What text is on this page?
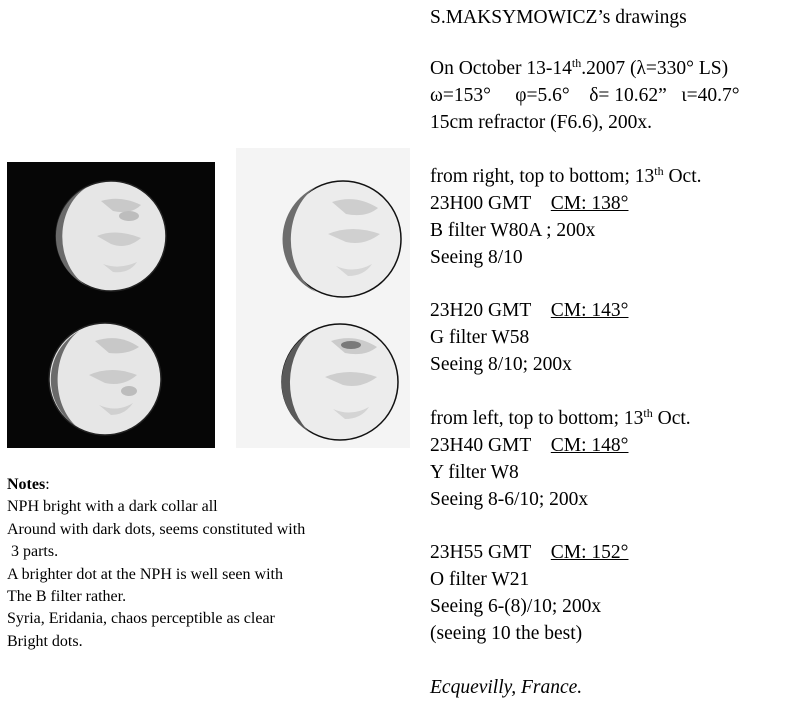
S.MAKSYMOWICZ’s drawings
On October 13-14th.2007 (λ=330° LS)
ω=153° φ=5.6° δ= 10.62” ι=40.7°
15cm refractor (F6.6), 200x.
from right, top to bottom; 13th Oct.
23H00 GMT CM: 138°
B filter W80A ; 200x
Seeing 8/10
23H20 GMT CM: 143°
G filter W58
Seeing 8/10; 200x
from left, top to bottom; 13th Oct.
23H40 GMT CM: 148°
Y filter W8
Seeing 8-6/10; 200x
23H55 GMT CM: 152°
O filter W21
Seeing 6-(8)/10; 200x
(seeing 10 the best)
Ecquevilly, France.
Notes:
NPH bright with a dark collar all
Around with dark dots, seems constituted with
3 parts.
A brighter dot at the NPH is well seen with
The B filter rather.
Syria, Eridania, chaos perceptible as clear
Bright dots.
